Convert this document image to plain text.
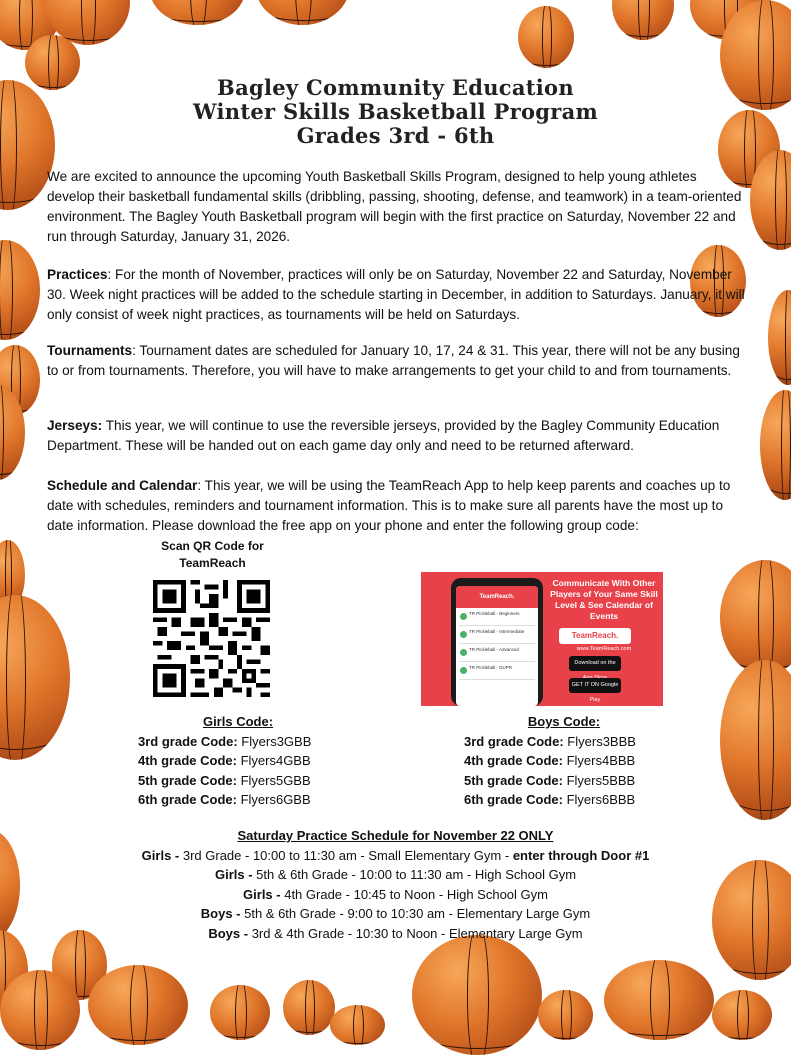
Bagley Community Education
Winter Skills Basketball Program
Grades 3rd - 6th
We are excited to announce the upcoming Youth Basketball Skills Program, designed to help young athletes develop their basketball fundamental skills (dribbling, passing, shooting, defense, and teamwork) in a team-oriented environment. The Bagley Youth Basketball program will begin with the first practice on Saturday, November 22 and run through Saturday, January 31, 2026.
Practices: For the month of November, practices will only be on Saturday, November 22 and Saturday, November 30. Week night practices will be added to the schedule starting in December, in addition to Saturdays. January, it will only consist of week night practices, as tournaments will be held on Saturdays.
Tournaments: Tournament dates are scheduled for January 10, 17, 24 & 31. This year, there will not be any busing to or from tournaments. Therefore, you will have to make arrangements to get your child to and from tournaments.
Jerseys: This year, we will continue to use the reversible jerseys, provided by the Bagley Community Education Department. These will be handed out on each game day only and need to be returned afterward.
Schedule and Calendar: This year, we will be using the TeamReach App to help keep parents and coaches up to date with schedules, reminders and tournament information. This is to make sure all parents have the most up to date information. Please download the free app on your phone and enter the following group code:
Scan QR Code for
TeamReach
TeamReach.
TR Pickleball - Beginners
TR Pickleball - Intermediate
TR Pickleball - Advanced
TR Pickleball - DUPR
Communicate With Other Players of Your Same Skill Level & See Calendar of Events
TeamReach.
www.TeamReach.com
Download on the
GET IT ON Google Play
Girls Code:
3rd grade Code: Flyers3GBB
4th grade Code: Flyers4GBB
5th grade Code: Flyers5GBB
6th grade Code: Flyers6GBB
Boys Code:
3rd grade Code: Flyers3BBB
4th grade Code: Flyers4BBB
5th grade Code: Flyers5BBB
6th grade Code: Flyers6BBB
Saturday Practice Schedule for November 22 ONLY
Girls - 3rd Grade - 10:00 to 11:30 am - Small Elementary Gym - enter through Door #1
Girls - 5th & 6th Grade - 10:00 to 11:30 am - High School Gym
Girls - 4th Grade - 10:45 to Noon - High School Gym
Boys - 5th & 6th Grade - 9:00 to 10:30 am - Elementary Large Gym
Boys - 3rd & 4th Grade - 10:30 to Noon - Elementary Large Gym
